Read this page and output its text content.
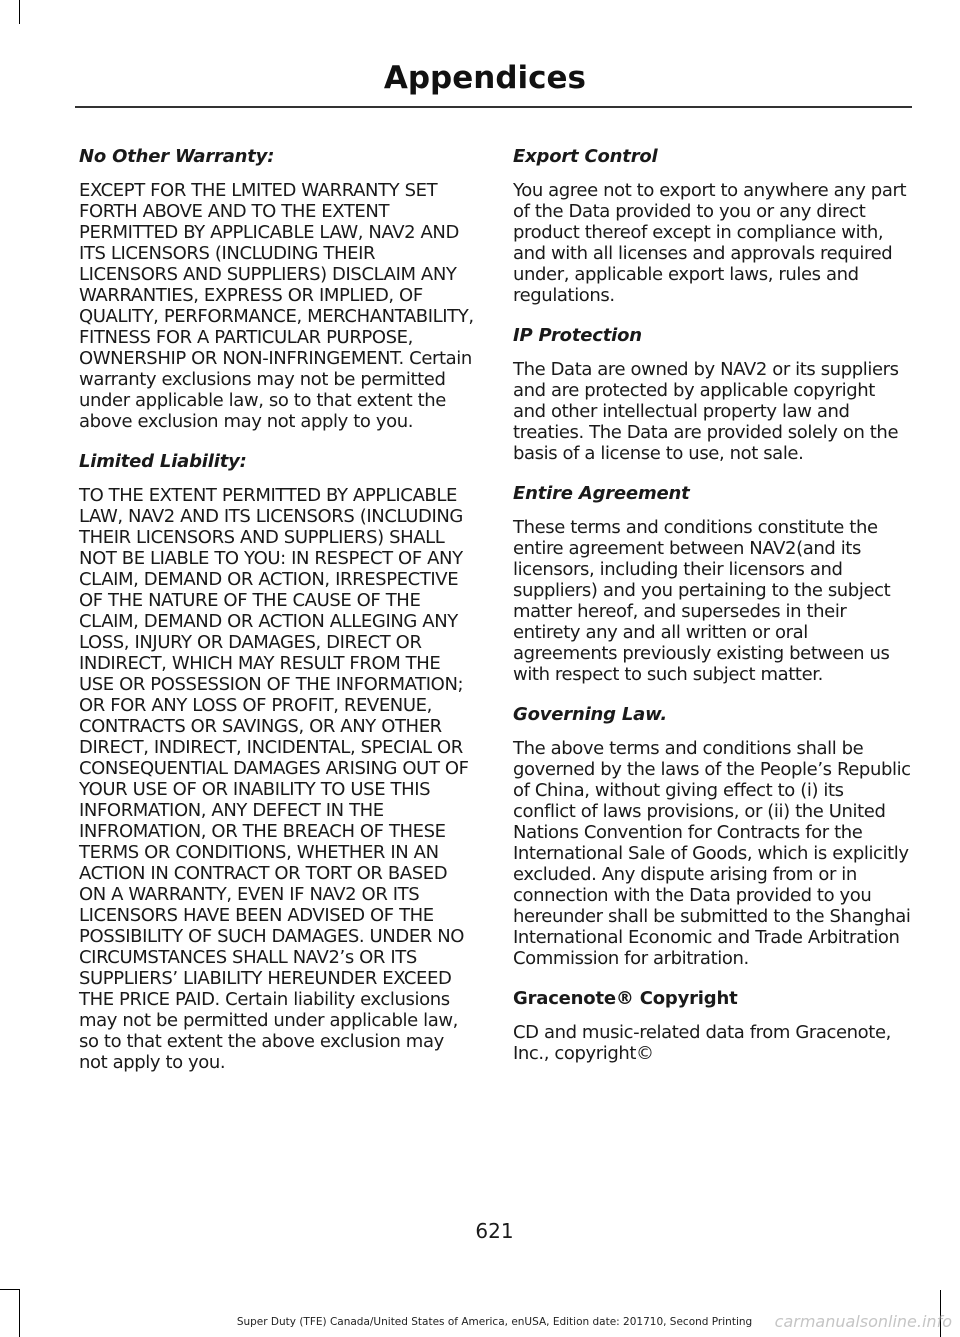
Appendices

No Other Warranty:

EXCEPT FOR THE LMITED WARRANTY SET FORTH ABOVE AND TO THE EXTENT PERMITTED BY APPLICABLE LAW, NAV2 AND ITS LICENSORS (INCLUDING THEIR LICENSORS AND SUPPLIERS) DISCLAIM ANY WARRANTIES, EXPRESS OR IMPLIED, OF QUALITY, PERFORMANCE, MERCHANTABILITY, FITNESS FOR A PARTICULAR PURPOSE, OWNERSHIP OR NON-INFRINGEMENT. Certain warranty exclusions may not be permitted under applicable law, so to that extent the above exclusion may not apply to you.

Limited Liability:

TO THE EXTENT PERMITTED BY APPLICABLE LAW, NAV2 AND ITS LICENSORS (INCLUDING THEIR LICENSORS AND SUPPLIERS) SHALL NOT BE LIABLE TO YOU: IN RESPECT OF ANY CLAIM, DEMAND OR ACTION, IRRESPECTIVE OF THE NATURE OF THE CAUSE OF THE CLAIM, DEMAND OR ACTION ALLEGING ANY LOSS, INJURY OR DAMAGES, DIRECT OR INDIRECT, WHICH MAY RESULT FROM THE USE OR POSSESSION OF THE INFORMATION; OR FOR ANY LOSS OF PROFIT, REVENUE, CONTRACTS OR SAVINGS, OR ANY OTHER DIRECT, INDIRECT, INCIDENTAL, SPECIAL OR CONSEQUENTIAL DAMAGES ARISING OUT OF YOUR USE OF OR INABILITY TO USE THIS INFORMATION, ANY DEFECT IN THE INFROMATION, OR THE BREACH OF THESE TERMS OR CONDITIONS, WHETHER IN AN ACTION IN CONTRACT OR TORT OR BASED ON A WARRANTY, EVEN IF NAV2 OR ITS LICENSORS HAVE BEEN ADVISED OF THE POSSIBILITY OF SUCH DAMAGES. UNDER NO CIRCUMSTANCES SHALL NAV2’s OR ITS SUPPLIERS’ LIABILITY HEREUNDER EXCEED THE PRICE PAID. Certain liability exclusions may not be permitted under applicable law, so to that extent the above exclusion may not apply to you.

Export Control

You agree not to export to anywhere any part of the Data provided to you or any direct product thereof except in compliance with, and with all licenses and approvals required under, applicable export laws, rules and regulations.

IP Protection

The Data are owned by NAV2 or its suppliers and are protected by applicable copyright and other intellectual property law and treaties. The Data are provided solely on the basis of a license to use, not sale.

Entire Agreement

These terms and conditions constitute the entire agreement between NAV2(and its licensors, including their licensors and suppliers) and you pertaining to the subject matter hereof, and supersedes in their entirety any and all written or oral agreements previously existing between us with respect to such subject matter.

Governing Law.

The above terms and conditions shall be governed by the laws of the People’s Republic of China, without giving effect to (i) its conflict of laws provisions, or (ii) the United Nations Convention for Contracts for the International Sale of Goods, which is explicitly excluded. Any dispute arising from or in connection with the Data provided to you hereunder shall be submitted to the Shanghai International Economic and Trade Arbitration Commission for arbitration.

Gracenote® Copyright

CD and music-related data from Gracenote, Inc., copyright©

621
Super Duty (TFE) Canada/United States of America, enUSA, Edition date: 201710, Second Printing	carmanualsonline.info
